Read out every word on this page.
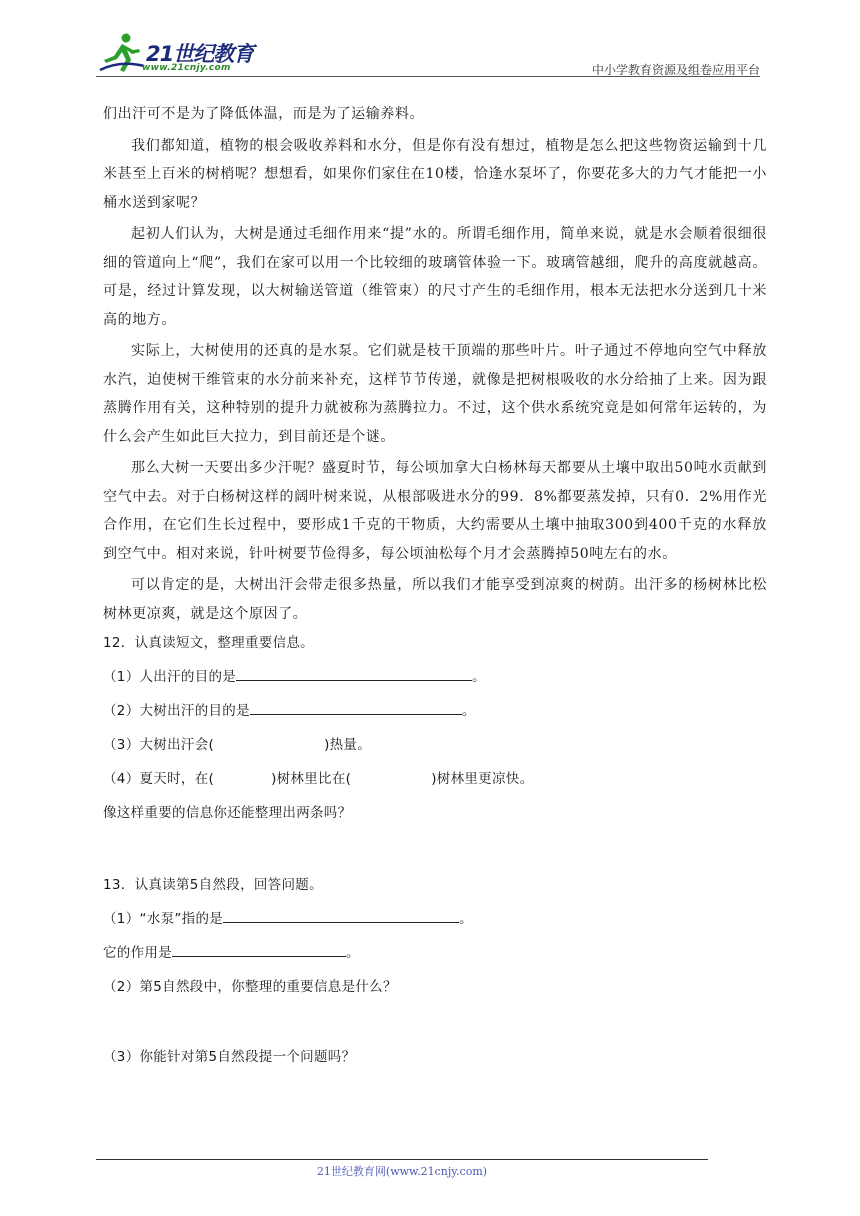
21世纪教育
www.21cnjy.com	中小学教育资源及组卷应用平台

们出汗可不是为了降低体温，而是为了运输养料。

我们都知道，植物的根会吸收养料和水分，但是你有没有想过，植物是怎么把这些物资运输到十几米甚至上百米的树梢呢？想想看，如果你们家住在10楼，恰逢水泵坏了，你要花多大的力气才能把一小桶水送到家呢？

起初人们认为，大树是通过毛细作用来“提”水的。所谓毛细作用，简单来说，就是水会顺着很细很细的管道向上“爬”，我们在家可以用一个比较细的玻璃管体验一下。玻璃管越细，爬升的高度就越高。可是，经过计算发现，以大树输送管道（维管束）的尺寸产生的毛细作用，根本无法把水分送到几十米高的地方。

实际上，大树使用的还真的是水泵。它们就是枝干顶端的那些叶片。叶子通过不停地向空气中释放水汽，迫使树干维管束的水分前来补充，这样节节传递，就像是把树根吸收的水分给抽了上来。因为跟蒸腾作用有关，这种特别的提升力就被称为蒸腾拉力。不过，这个供水系统究竟是如何常年运转的，为什么会产生如此巨大拉力，到目前还是个谜。

那么大树一天要出多少汗呢？盛夏时节，每公顷加拿大白杨林每天都要从土壤中取出50吨水贡献到空气中去。对于白杨树这样的阔叶树来说，从根部吸进水分的99．8%都要蒸发掉，只有0．2%用作光合作用，在它们生长过程中，要形成1千克的干物质，大约需要从土壤中抽取300到400千克的水释放到空气中。相对来说，针叶树要节俭得多，每公顷油松每个月才会蒸腾掉50吨左右的水。

可以肯定的是，大树出汗会带走很多热量，所以我们才能享受到凉爽的树荫。出汗多的杨树林比松树林更凉爽，就是这个原因了。

12．认真读短文，整理重要信息。

（1）人出汗的目的是	。

（2）大树出汗的目的是	。

（3）大树出汗会(	)热量。

（4）夏天时，在(	)树林里比在(	)树林里更凉快。

像这样重要的信息你还能整理出两条吗？

13．认真读第5自然段，回答问题。

（1）“水泵”指的是	。

它的作用是	。

（2）第5自然段中，你整理的重要信息是什么？

（3）你能针对第5自然段提一个问题吗？

21世纪教育网(www.21cnjy.com)
